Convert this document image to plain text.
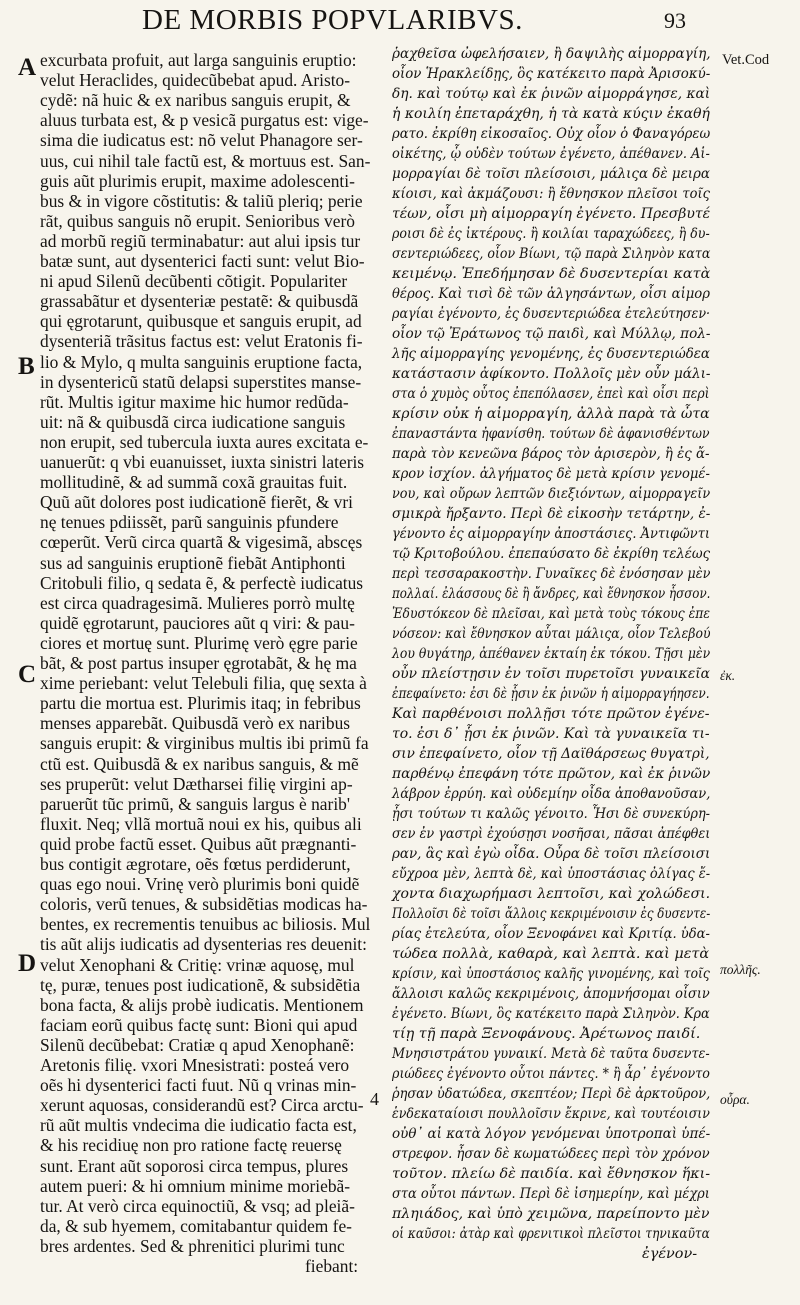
DE MORBIS POPVLARIBVS.	93
excurbata profuit, aut larga sanguinis eruptio:
velut Heraclides, quidecũbebat apud. Aristo-
cydẽ: nã huic & ex naribus sanguis erupit, &
aluus turbata est, & p vesicã purgatus est: vige-
sima die iudicatus est: nõ velut Phanagore ser-
uus, cui nihil tale factũ est, & mortuus est. San-
guis aũt plurimis erupit, maxime adolescenti-
bus & in vigore cõstitutis: & taliũ pleriq; perie
rãt, quibus sanguis nõ erupit. Senioribus verò
ad morbũ regiũ terminabatur: aut alui ipsis tur
batæ sunt, aut dysenterici facti sunt: velut Bio-
ni apud Silenũ decũbenti cõtigit. Populariter
grassabãtur et dysenteriæ pestatẽ: & quibusdã
qui ęgrotarunt, quibusque et sanguis erupit, ad
dysenteriã trãsitus factus est: velut Eratonis fi-
lio & Mylo, q multa sanguinis eruptione facta,
in dysentericũ statũ delapsi superstites manse-
rũt. Multis igitur maxime hic humor redũda-
uit: nã & quibusdã circa iudicatione sanguis
non erupit, sed tubercula iuxta aures excitata e-
uanuerũt: q vbi euanuisset, iuxta sinistri lateris
mollitudinẽ, & ad summã coxã grauitas fuit.
Quũ aũt dolores post iudicationẽ fierẽt, & vri
nę tenues pdiissẽt, parũ sanguinis pfundere
cœperũt. Verũ circa quartã & vigesimã, abscęs
sus ad sanguinis eruptionẽ fiebãt Antiphonti
Critobuli filio, q sedata ẽ, & perfectè iudicatus
est circa quadragesimã. Mulieres porrò multę
quidẽ ęgrotarunt, pauciores aũt q viri: & pau-
ciores et mortuę sunt. Plurimę verò ęgre parie
bãt, & post partus insuper ęgrotabãt, & hę ma
xime periebant: velut Telebuli filia, quę sexta à
partu die mortua est. Plurimis itaq; in febribus
menses apparebãt. Quibusdã verò ex naribus
sanguis erupit: & virginibus multis ibi primũ fa
ctũ est. Quibusdã & ex naribus sanguis, & mẽ
ses pruperũt: velut Dætharsei filię virgini ap-
paruerũt tũc primũ, & sanguis largus è narib'
fluxit. Neq; vllã mortuã noui ex his, quibus ali
quid probe factũ esset. Quibus aũt prægnanti-
bus contigit ægrotare, oẽs fœtus perdiderunt,
quas ego noui. Vrinę verò plurimis boni quidẽ
coloris, verũ tenues, & subsidẽtias modicas ha-
bentes, ex recrementis tenuibus ac biliosis. Mul
tis aũt alijs iudicatis ad dysenterias res deuenit:
velut Xenophani & Critię: vrinæ aquosę, mul
tę, puræ, tenues post iudicationẽ, & subsidẽtia
bona facta, & alijs probè iudicatis. Mentionem
faciam eorũ quibus factę sunt: Bioni qui apud
Silenũ decũbebat: Cratiæ q apud Xenophanẽ:
Aretonis filię. vxori Mnesistrati: posteá vero
oẽs hi dysenterici facti fuut. Nũ q vrinas min-
xerunt aquosas, considerandũ est? Circa arctu-
rũ aũt multis vndecima die iudicatio facta est,
& his recidiuę non pro ratione factę reuersę
sunt. Erant aũt soporosi circa tempus, plures
autem pueri: & hi omnium minime moriebã-
tur. At verò circa equinoctiũ, & vsq; ad pleiã-
da, & sub hyemem, comitabantur quidem fe-
bres ardentes. Sed & phrenitici plurimi tunc
fiebant:
ῥαχθεῖσα ὠφελήσαιεν, ἢ δαψιλὴς αἱμορραγίη,
οἷον Ἡρακλείδῃς, ὃς κατέκειτο παρὰ Ἀρισοκύ-
δη. καὶ τούτῳ καὶ ἐκ ῥινῶν αἱμορράγησε, καὶ
ἡ κοιλίη ἐπεταράχθη, ἡ τὰ κατὰ κύςιν ἐκαθή
ρατο. ἐκρίθη εἰκοσαῖος. Οὐχ οἷον ὁ Φαναγόρεω
οἰκέτης, ᾧ οὐδὲν τούτων ἐγένετο, ἀπέθανεν. Αἱ-
μορραγίαι δὲ τοῖσι πλείσοισι, μάλιςα δὲ μειρα
κίοισι, καὶ ἀκμάζουσι: ἢ ἔθνησκον πλεῖσοι τοῖς
τέων, οἷσι μὴ αἱμορραγίη ἐγένετο. Πρεσβυτέ
ροισι δὲ ἐς ἰκτέρους. ἢ κοιλίαι ταραχώδεες, ἢ δυ-
σεντεριώδεες, οἷον Βίωνι, τῷ παρὰ Σιληνὸν κατα
κειμένῳ. Ἐπεδήμησαν δὲ δυσεντερίαι κατὰ
θέρος. Καὶ τισὶ δὲ τῶν ἀλγησάντων, οἷσι αἱμορ
ραγίαι ἐγένοντο, ἐς δυσεντεριώδεα ἐτελεύτησεν·
οἷον τῷ Ἐράτωνος τῷ παιδὶ, καὶ Μύλλῳ, πολ-
λῆς αἱμορραγίης γενομένης, ἐς δυσεντεριώδεα
κατάστασιν ἀφίκοντο. Πολλοῖς μὲν οὖν μάλι-
στα ὁ χυμὸς οὗτος ἐπεπόλασεν, ἐπεὶ καὶ οἷσι περὶ
κρίσιν οὐκ ἡ αἱμορραγίη, ἀλλὰ παρὰ τὰ ὦτα
ἐπαναστάντα ἠφανίσθη. τούτων δὲ ἀφανισθέντων
παρὰ τὸν κενεῶνα βάρος τὸν ἀρισερὸν, ἢ ἐς ἄ-
κρον ἰσχίον. ἀλγήματος δὲ μετὰ κρίσιν γενομέ-
νου, καὶ οὔρων λεπτῶν διεξιόντων, αἱμορραγεῖν
σμικρὰ ἤρξαντο. Περὶ δὲ εἰκοσὴν τετάρτην, ἐ-
γένοντο ἐς αἱμορραγίην ἀποστάσιες. Ἀντιφῶντι
τῷ Κριτοβούλου. ἐπεπαύσατο δὲ ἐκρίθη τελέως
περὶ τεσσαρακοστὴν. Γυναῖκες δὲ ἐνόσησαν μὲν
πολλαί. ἐλάσσους δὲ ἢ ἄνδρες, καὶ ἔθνησκον ἧσσον.
Ἐδυστόκεον δὲ πλεῖσαι, καὶ μετὰ τοὺς τόκους ἐπε
νόσεον: καὶ ἔθνησκον αὗται μάλιςα, οἷον Τελεβού
λου θυγάτηρ, ἀπέθανεν ἑκταίη ἐκ τόκου. Τῇσι μὲν
οὖν πλείστῃσιν ἐν τοῖσι πυρετοῖσι γυναικεῖα
ἐπεφαίνετο: ἐσι δὲ ᾗσιν ἐκ ῥινῶν ἡ αἱμορραγήησεν.
Καὶ παρθένοισι πολλῇσι τότε πρῶτον ἐγένε-
το. ἐσι δ᾽ ᾗσι ἐκ ῥινῶν. Καὶ τὰ γυναικεῖα τι-
σιν ἐπεφαίνετο, οἷον τῇ Δαϊθάρσεως θυγατρὶ,
παρθένῳ ἐπεφάνη τότε πρῶτον, καὶ ἐκ ῥινῶν
λάβρον ἐρρύη. καὶ οὐδεμίην οἶδα ἀποθανοῦσαν,
ᾗσι τούτων τι καλῶς γένοιτο. Ἧσι δὲ συνεκύρη-
σεν ἐν γαστρὶ ἐχούσῃσι νοσῆσαι, πᾶσαι ἀπέφθει
ραν, ἃς καὶ ἐγὼ οἶδα. Οὖρα δὲ τοῖσι πλείσοισι
εὔχροα μὲν, λεπτὰ δὲ, καὶ ὑποστάσιας ὀλίγας ἔ-
χοντα διαχωρήμασι λεπτοῖσι, καὶ χολώδεσι.
Πολλοῖσι δὲ τοῖσι ἄλλοις κεκριμένοισιν ἐς δυσεντε-
ρίας ἐτελεύτα, οἷον Ξενοφάνει καὶ Κριτίᾳ. ὑδα-
τώδεα πολλὰ, καθαρὰ, καὶ λεπτὰ. καὶ μετὰ
κρίσιν, καὶ ὑποστάσιος καλῆς γινομένης, καὶ τοῖς
ἄλλοισι καλῶς κεκριμένοις, ἀπομνήσομαι οἷσιν
ἐγένετο. Βίωνι, ὃς κατέκειτο παρὰ Σιληνὸν. Κρα
τίῃ τῇ παρὰ Ξενοφάνους. Ἀρέτωνος παιδί.
Μνησιστράτου γυναικί. Μετὰ δὲ ταῦτα δυσεντε-
ριώδεες ἐγένοντο οὗτοι πάντες. * ἢ ἆρ᾽ ἐγένοντο
ῥησαν ὑδατώδεα, σκεπτέον; Περὶ δὲ ἀρκτοῦρον,
ἑνδεκαταίοισι πουλλοῖσιν ἔκρινε, καὶ τουτέοισιν
οὐθ᾽ αἱ κατὰ λόγον γενόμεναι ὑποτροπαὶ ὑπέ-
στρεφον. ἦσαν δὲ κωματώδεες περὶ τὸν χρόνον
τοῦτον. πλείω δὲ παιδία. καὶ ἔθνησκον ἥκι-
στα οὗτοι πάντων. Περὶ δὲ ἰσημερίην, καὶ μέχρι
πληιάδος, καὶ ὑπὸ χειμῶνα, παρείποντο μὲν
οἱ καῦσοι: ἀτὰρ καὶ φρενιτικοὶ πλεῖστοι τηνικαῦτα
ἐγένον-
A
B
C
D
4
Vet.Cod
ἐκ.
πολλῆς.
οὖρα.
